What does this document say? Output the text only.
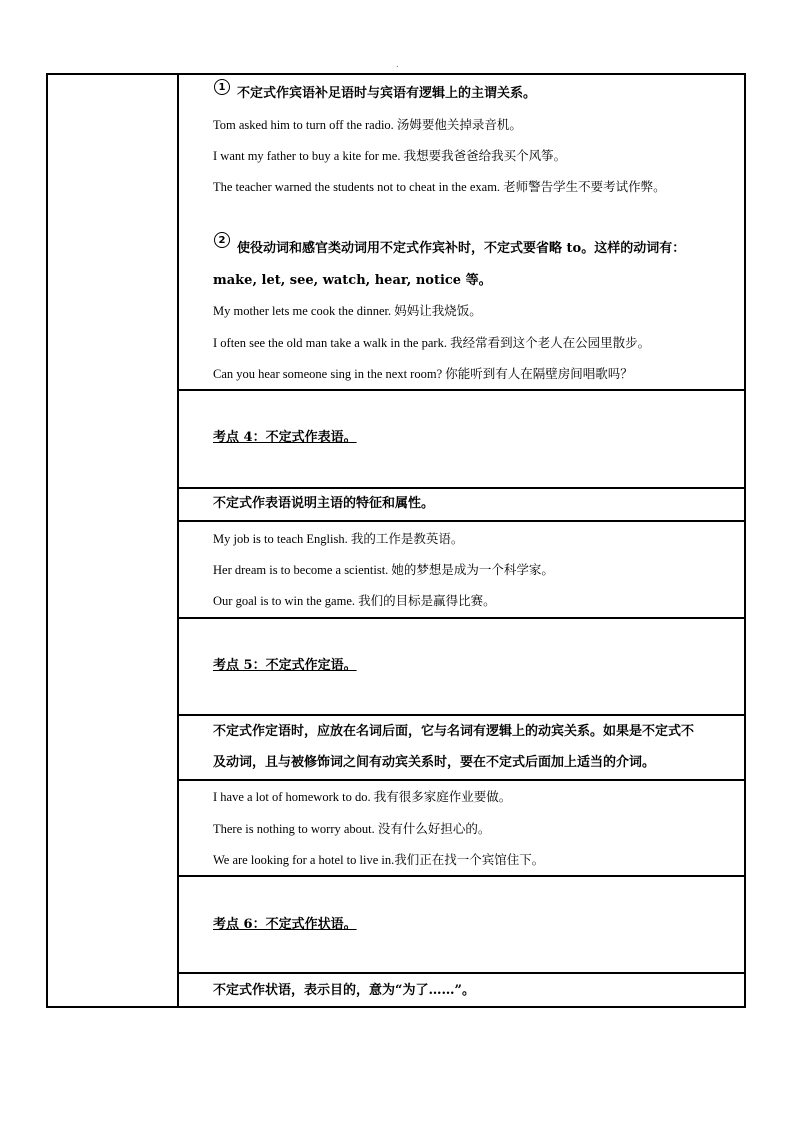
.
1 不定式作宾语补足语时与宾语有逻辑上的主谓关系。
Tom asked him to turn off the radio. 汤姆要他关掉录音机。
I want my father to buy a kite for me. 我想要我爸爸给我买个风筝。
The teacher warned the students not to cheat in the exam. 老师警告学生不要考试作弊。
2
使役动词和感官类动词用不定式作宾补时，不定式要省略 to。这样的动词有：
make, let, see, watch, hear, notice 等。
My mother lets me cook the dinner. 妈妈让我烧饭。
I often see the old man take a walk in the park. 我经常看到这个老人在公园里散步。
Can you hear someone sing in the next room? 你能听到有人在隔壁房间唱歌吗？
考点 4：不定式作表语。
不定式作表语说明主语的特征和属性。
My job is to teach English. 我的工作是教英语。
Her dream is to become a scientist. 她的梦想是成为一个科学家。
Our goal is to win the game. 我们的目标是赢得比赛。
考点 5：不定式作定语。
不定式作定语时，应放在名词后面，它与名词有逻辑上的动宾关系。如果是不定式不
及动词，且与被修饰词之间有动宾关系时，要在不定式后面加上适当的介词。
I have a lot of homework to do. 我有很多家庭作业要做。
There is nothing to worry about. 没有什么好担心的。
We are looking for a hotel to live in.我们正在找一个宾馆住下。
考点 6：不定式作状语。
不定式作状语，表示目的，意为“为了……”。
